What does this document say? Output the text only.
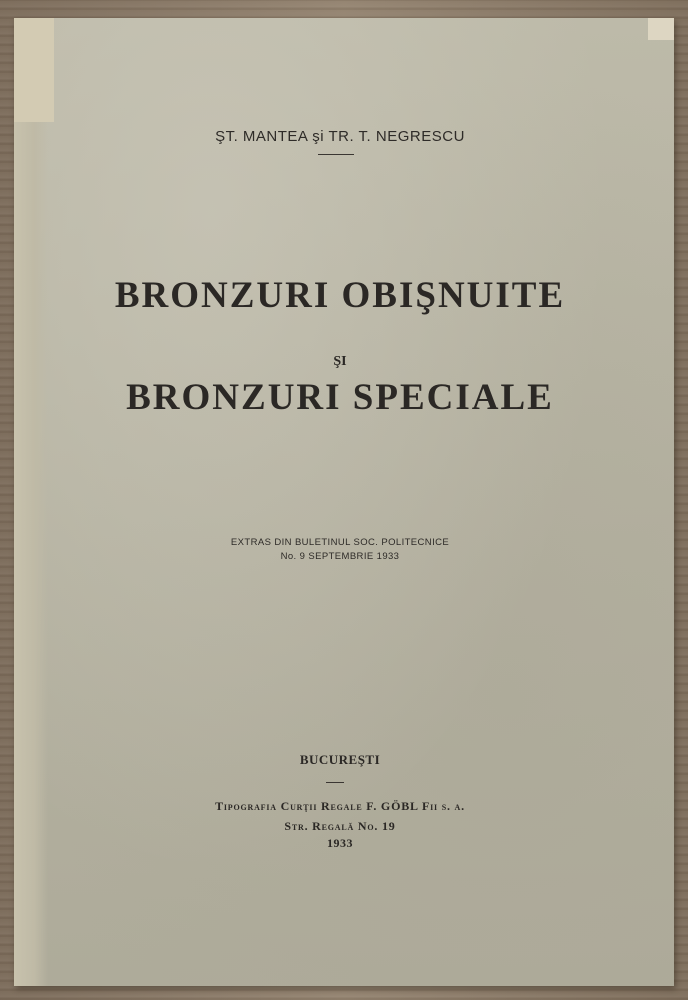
ŞT. MANTEA şi TR. T. NEGRESCU
BRONZURI OBIŞNUITE
ŞI
BRONZURI SPECIALE
EXTRAS DIN BULETINUL SOC. POLITECNICE
No. 9 SEPTEMBRIE 1933
BUCUREŞTI
Tipografia Curţii Regale F. GÖBL Fii s. a.
Str. Regală No. 19
1933
